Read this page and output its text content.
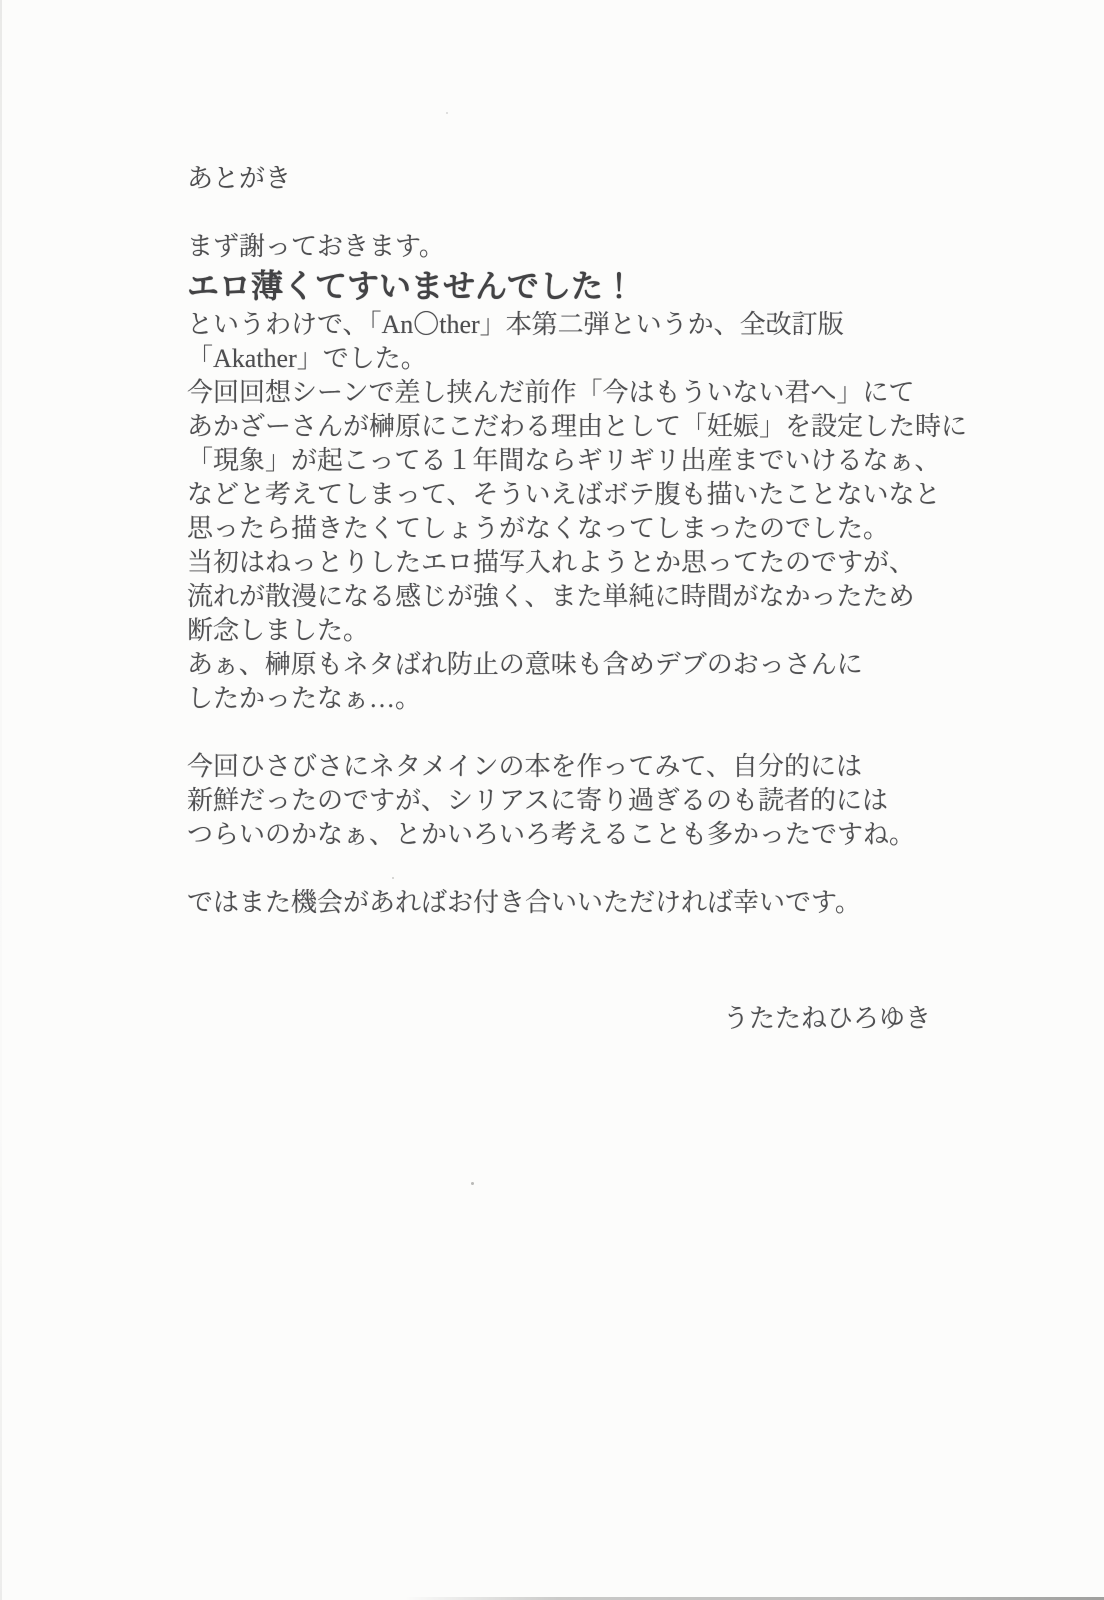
あとがき
まず謝っておきます。
エロ薄くてすいませんでした！
というわけで、「An〇ther」本第二弾というか、全改訂版
「Akather」でした。
今回回想シーンで差し挟んだ前作「今はもういない君へ」にて
あかざーさんが榊原にこだわる理由として「妊娠」を設定した時に
「現象」が起こってる１年間ならギリギリ出産までいけるなぁ、
などと考えてしまって、そういえばボテ腹も描いたことないなと
思ったら描きたくてしょうがなくなってしまったのでした。
当初はねっとりしたエロ描写入れようとか思ってたのですが、
流れが散漫になる感じが強く、また単純に時間がなかったため
断念しました。
あぁ、榊原もネタばれ防止の意味も含めデブのおっさんに
したかったなぁ…。
今回ひさびさにネタメインの本を作ってみて、自分的には
新鮮だったのですが、シリアスに寄り過ぎるのも読者的には
つらいのかなぁ、とかいろいろ考えることも多かったですね。
ではまた機会があればお付き合いいただければ幸いです。
うたたねひろゆき
